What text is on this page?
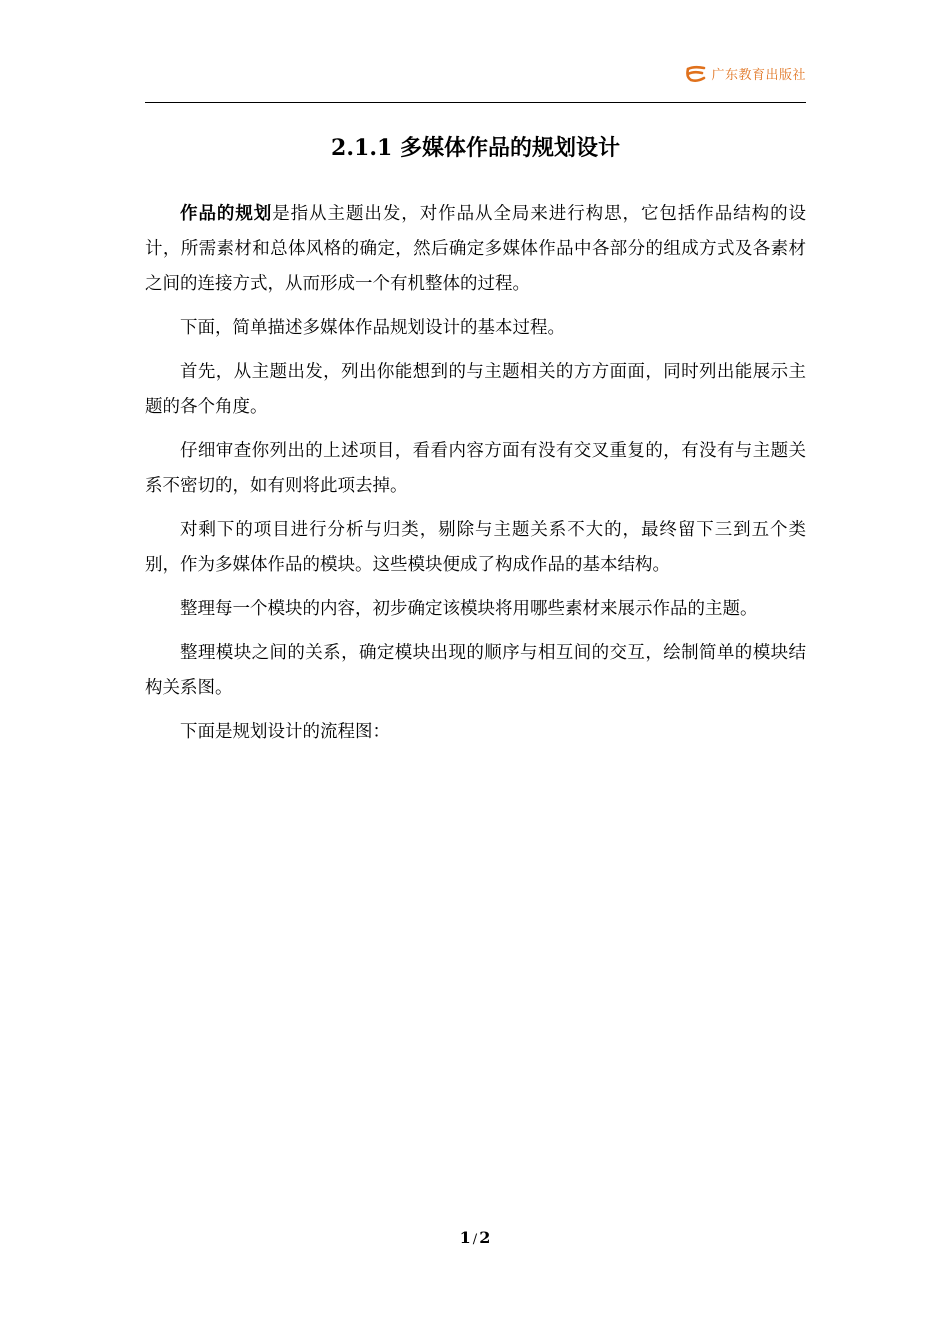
广东教育出版社
2.1.1 多媒体作品的规划设计

作品的规划是指从主题出发，对作品从全局来进行构思，它包括作品结构的设计，所需素材和总体风格的确定，然后确定多媒体作品中各部分的组成方式及各素材之间的连接方式，从而形成一个有机整体的过程。

下面，简单描述多媒体作品规划设计的基本过程。

首先，从主题出发，列出你能想到的与主题相关的方方面面，同时列出能展示主题的各个角度。

仔细审查你列出的上述项目，看看内容方面有没有交叉重复的，有没有与主题关系不密切的，如有则将此项去掉。

对剩下的项目进行分析与归类，剔除与主题关系不大的，最终留下三到五个类别，作为多媒体作品的模块。这些模块便成了构成作品的基本结构。

整理每一个模块的内容，初步确定该模块将用哪些素材来展示作品的主题。

整理模块之间的关系，确定模块出现的顺序与相互间的交互，绘制简单的模块结构关系图。

下面是规划设计的流程图：

1 / 2
